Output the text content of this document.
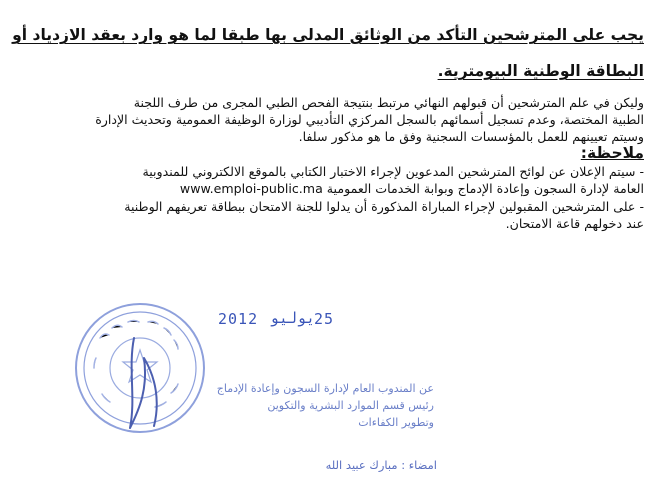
يجب على المترشحين التأكد من الوثائق المدلى بها طبقا لما هو وارد بعقد الازدياد أو
البطاقة الوطنية البيومترية.
وليكن في علم المترشحين أن قبولهم النهائي مرتبط بنتيجة الفحص الطبي المجرى من طرف اللجنة
الطبية المختصة، وعدم تسجيل أسمائهم بالسجل المركزي التأديبي لوزارة الوظيفة العمومية وتحديث الإدارة
وسيتم تعيينهم للعمل بالمؤسسات السجنية وفق ما هو مذكور سلفا.
ملاحظة:
- سيتم الإعلان عن لوائح المترشحين المدعوين لإجراء الاختبار الكتابي بالموقع الالكتروني للمندوبية
العامة لإدارة السجون وإعادة الإدماج وبوابة الخدمات العمومية www.emploi-public.ma
- على المترشحين المقبولين لإجراء المباراة المذكورة أن يدلوا للجنة الامتحان ببطاقة تعريفهم الوطنية
عند دخولهم قاعة الامتحان.
2012 يوليو
25
عن المندوب العام لإدارة السجون وإعادة الإدماج
رئيس قسم الموارد البشرية والتكوين
وتطوير الكفاءات
امضاء : مبارك عبيد الله
